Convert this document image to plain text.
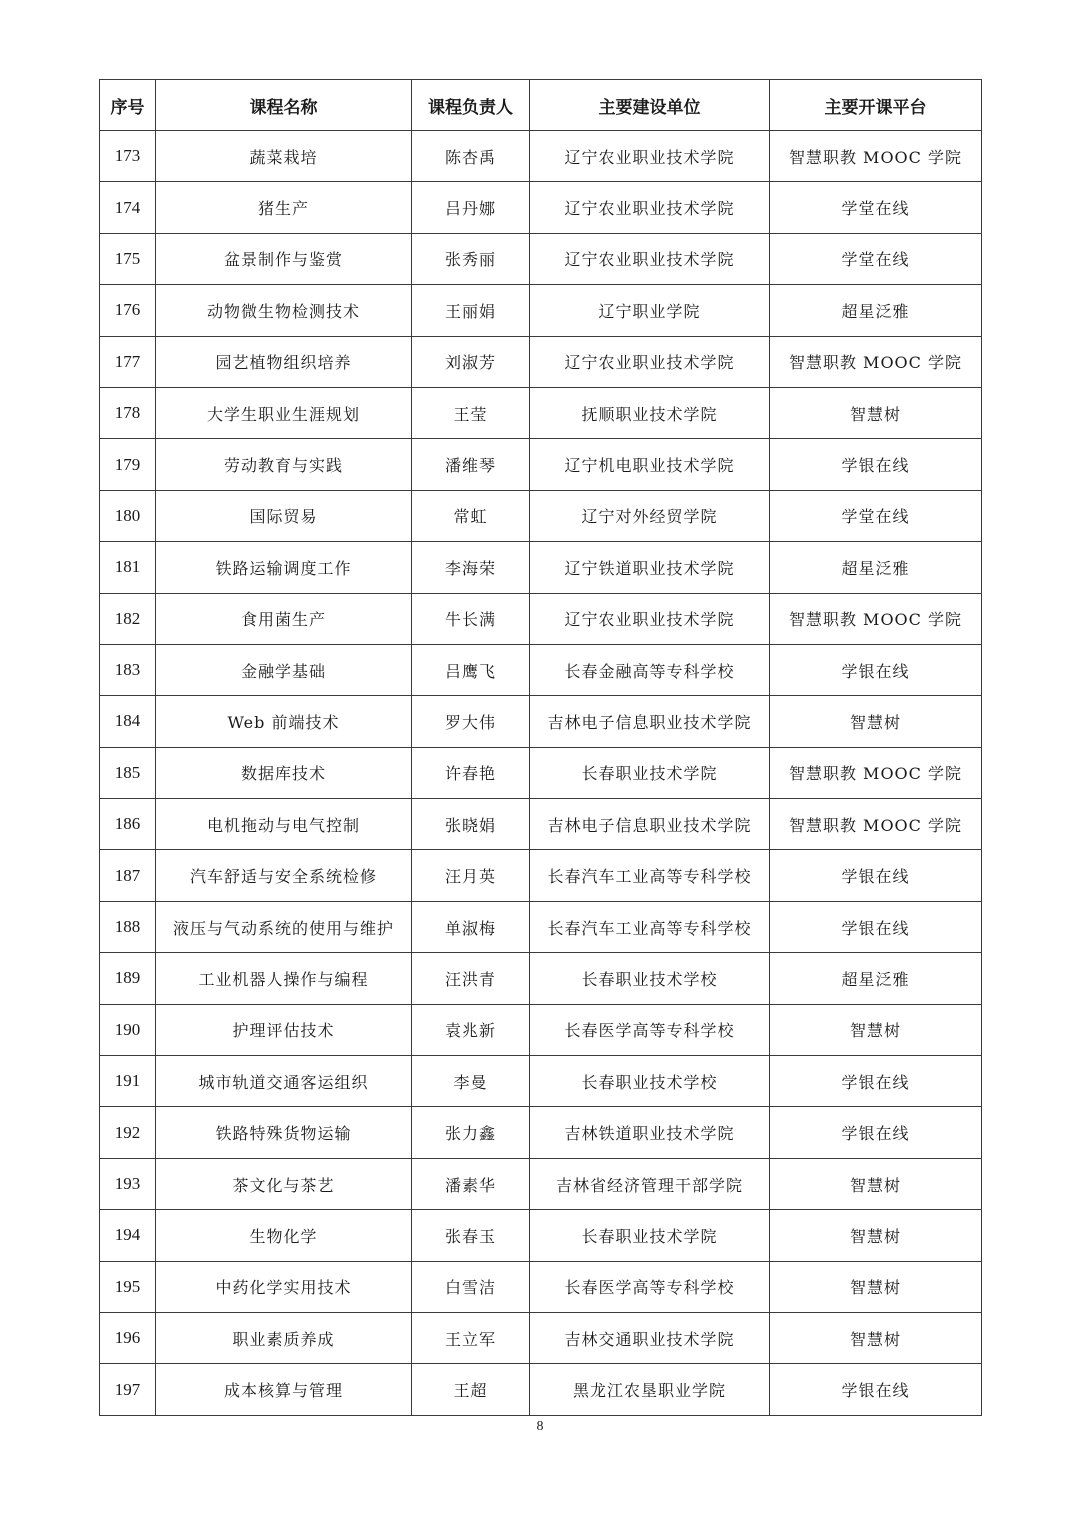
序号	课程名称	课程负责人	主要建设单位	主要开课平台
173	蔬菜栽培	陈杏禹	辽宁农业职业技术学院	智慧职教 MOOC 学院
174	猪生产	吕丹娜	辽宁农业职业技术学院	学堂在线
175	盆景制作与鉴赏	张秀丽	辽宁农业职业技术学院	学堂在线
176	动物微生物检测技术	王丽娟	辽宁职业学院	超星泛雅
177	园艺植物组织培养	刘淑芳	辽宁农业职业技术学院	智慧职教 MOOC 学院
178	大学生职业生涯规划	王莹	抚顺职业技术学院	智慧树
179	劳动教育与实践	潘维琴	辽宁机电职业技术学院	学银在线
180	国际贸易	常虹	辽宁对外经贸学院	学堂在线
181	铁路运输调度工作	李海荣	辽宁铁道职业技术学院	超星泛雅
182	食用菌生产	牛长满	辽宁农业职业技术学院	智慧职教 MOOC 学院
183	金融学基础	吕鹰飞	长春金融高等专科学校	学银在线
184	Web 前端技术	罗大伟	吉林电子信息职业技术学院	智慧树
185	数据库技术	许春艳	长春职业技术学院	智慧职教 MOOC 学院
186	电机拖动与电气控制	张晓娟	吉林电子信息职业技术学院	智慧职教 MOOC 学院
187	汽车舒适与安全系统检修	汪月英	长春汽车工业高等专科学校	学银在线
188	液压与气动系统的使用与维护	单淑梅	长春汽车工业高等专科学校	学银在线
189	工业机器人操作与编程	汪洪青	长春职业技术学校	超星泛雅
190	护理评估技术	袁兆新	长春医学高等专科学校	智慧树
191	城市轨道交通客运组织	李曼	长春职业技术学校	学银在线
192	铁路特殊货物运输	张力鑫	吉林铁道职业技术学院	学银在线
193	茶文化与茶艺	潘素华	吉林省经济管理干部学院	智慧树
194	生物化学	张春玉	长春职业技术学院	智慧树
195	中药化学实用技术	白雪洁	长春医学高等专科学校	智慧树
196	职业素质养成	王立军	吉林交通职业技术学院	智慧树
197	成本核算与管理	王超	黑龙江农垦职业学院	学银在线
8
